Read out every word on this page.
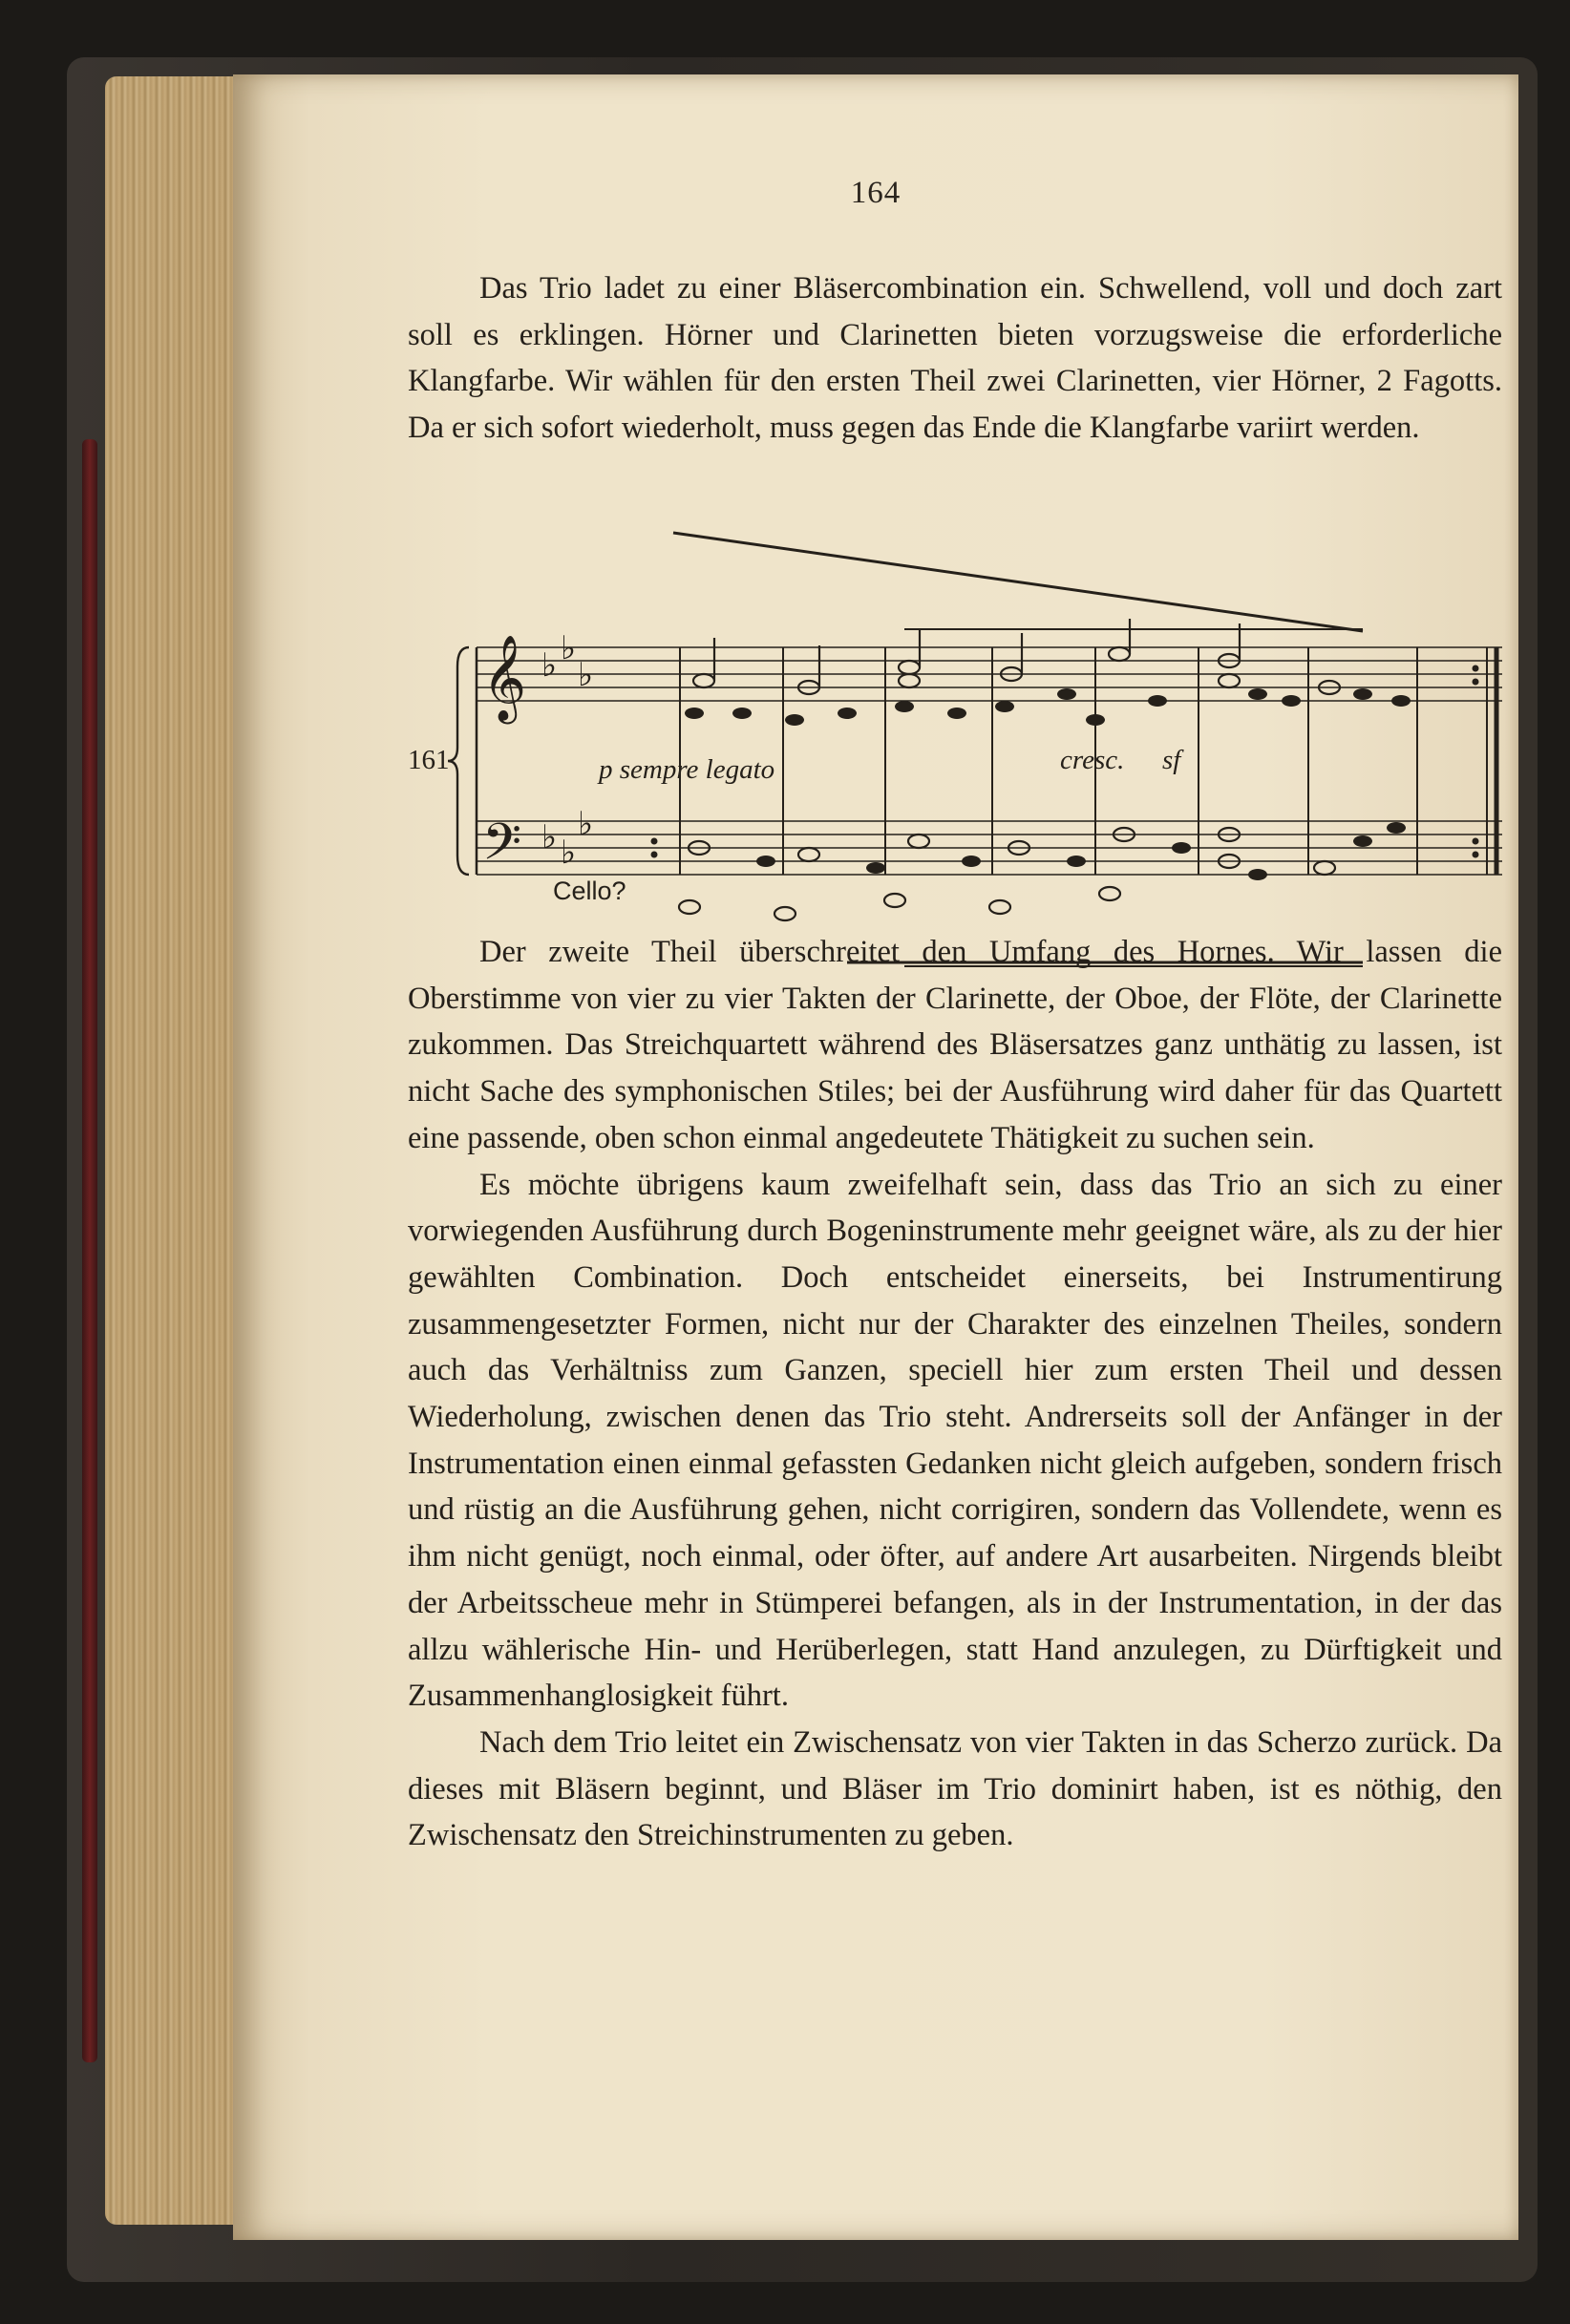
164

Das Trio ladet zu einer Bläsercombination ein. Schwellend, voll und doch zart soll es erklingen. Hörner und Clarinetten bieten vorzugsweise die erforderliche Klangfarbe. Wir wählen für den ersten Theil zwei Clarinetten, vier Hörner, 2 Fagotts. Da er sich sofort wiederholt, muss gegen das Ende die Klangfarbe variirt werden.

𝄞
𝄢
♭ ♭
♭
♭ ♭
♭
161	p sempre legato	cresc. sf
Cello?

Der zweite Theil überschreitet den Umfang des Hornes. Wir lassen die Oberstimme von vier zu vier Takten der Clarinette, der Oboe, der Flöte, der Clarinette zukommen. Das Streichquartett während des Bläsersatzes ganz unthätig zu lassen, ist nicht Sache des symphonischen Stiles; bei der Ausführung wird daher für das Quartett eine passende, oben schon einmal angedeutete Thätigkeit zu suchen sein.

Es möchte übrigens kaum zweifelhaft sein, dass das Trio an sich zu einer vorwiegenden Ausführung durch Bogeninstrumente mehr geeignet wäre, als zu der hier gewählten Combination. Doch entscheidet einerseits, bei Instrumentirung zusammengesetzter Formen, nicht nur der Charakter des einzelnen Theiles, sondern auch das Verhältniss zum Ganzen, speciell hier zum ersten Theil und dessen Wiederholung, zwischen denen das Trio steht. Andrerseits soll der Anfänger in der Instrumentation einen einmal gefassten Gedanken nicht gleich aufgeben, sondern frisch und rüstig an die Ausführung gehen, nicht corrigiren, sondern das Vollendete, wenn es ihm nicht genügt, noch einmal, oder öfter, auf andere Art ausarbeiten. Nirgends bleibt der Arbeitsscheue mehr in Stümperei befangen, als in der Instrumentation, in der das allzu wählerische Hin- und Herüberlegen, statt Hand anzulegen, zu Dürftigkeit und Zusammenhanglosigkeit führt.

Nach dem Trio leitet ein Zwischensatz von vier Takten in das Scherzo zurück. Da dieses mit Bläsern beginnt, und Bläser im Trio dominirt haben, ist es nöthig, den Zwischensatz den Streichinstrumenten zu geben.
